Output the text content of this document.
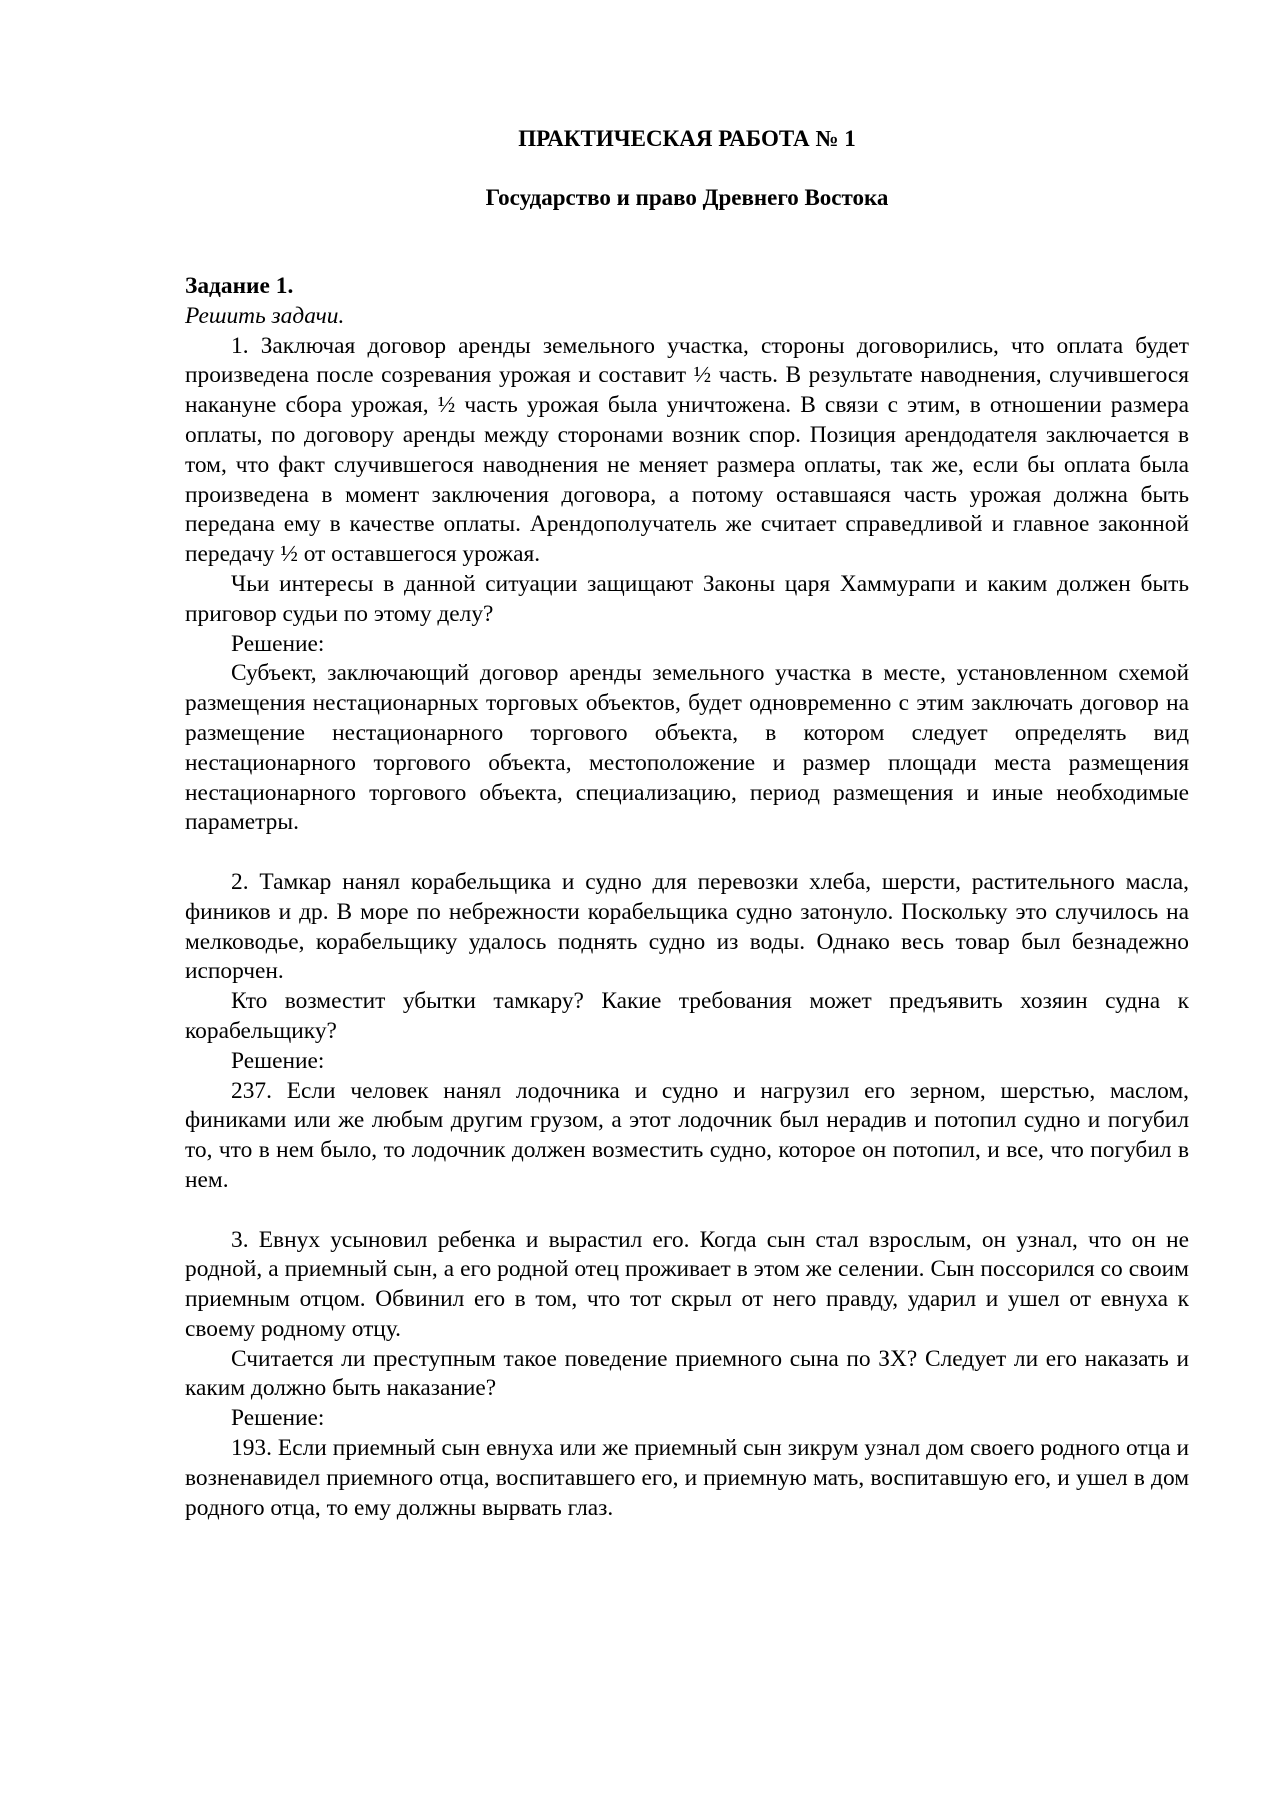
ПРАКТИЧЕСКАЯ РАБОТА № 1
Государство и право Древнего Востока

Задание 1.

Решить задачи.

1. Заключая договор аренды земельного участка, стороны договорились, что оплата будет произведена после созревания урожая и составит ½ часть. В результате наводнения, случившегося накануне сбора урожая, ½ часть урожая была уничтожена. В связи с этим, в отношении размера оплаты, по договору аренды между сторонами возник спор. Позиция арендодателя заключается в том, что факт случившегося наводнения не меняет размера оплаты, так же, если бы оплата была произведена в момент заключения договора, а потому оставшаяся часть урожая должна быть передана ему в качестве оплаты. Арендополучатель же считает справедливой и главное законной передачу ½ от оставшегося урожая.

Чьи интересы в данной ситуации защищают Законы царя Хаммурапи и каким должен быть приговор судьи по этому делу?

Решение:

Субъект, заключающий договор аренды земельного участка в месте, установленном схемой размещения нестационарных торговых объектов, будет одновременно с этим заключать договор на размещение нестационарного торгового объекта, в котором следует определять вид нестационарного торгового объекта, местоположение и размер площади места размещения нестационарного торгового объекта, специализацию, период размещения и иные необходимые параметры.

2. Тамкар нанял корабельщика и судно для перевозки хлеба, шерсти, растительного масла, фиников и др. В море по небрежности корабельщика судно затонуло. Поскольку это случилось на мелководье, корабельщику удалось поднять судно из воды. Однако весь товар был безнадежно испорчен.

Кто возместит убытки тамкару? Какие требования может предъявить хозяин судна к корабельщику?

Решение:

237. Если человек нанял лодочника и судно и нагрузил его зерном, шерстью, маслом, финиками или же любым другим грузом, а этот лодочник был нерадив и потопил судно и погубил то, что в нем было, то лодочник должен возместить судно, которое он потопил, и все, что погубил в нем.

3. Евнух усыновил ребенка и вырастил его. Когда сын стал взрослым, он узнал, что он не родной, а приемный сын, а его родной отец проживает в этом же селении. Сын поссорился со своим приемным отцом. Обвинил его в том, что тот скрыл от него правду, ударил и ушел от евнуха к своему родному отцу.

Считается ли преступным такое поведение приемного сына по ЗХ? Следует ли его наказать и каким должно быть наказание?

Решение:

193. Если приемный сын евнуха или же приемный сын зикрум узнал дом своего родного отца и возненавидел приемного отца, воспитавшего его, и приемную мать, воспитавшую его, и ушел в дом родного отца, то ему должны вырвать глаз.
